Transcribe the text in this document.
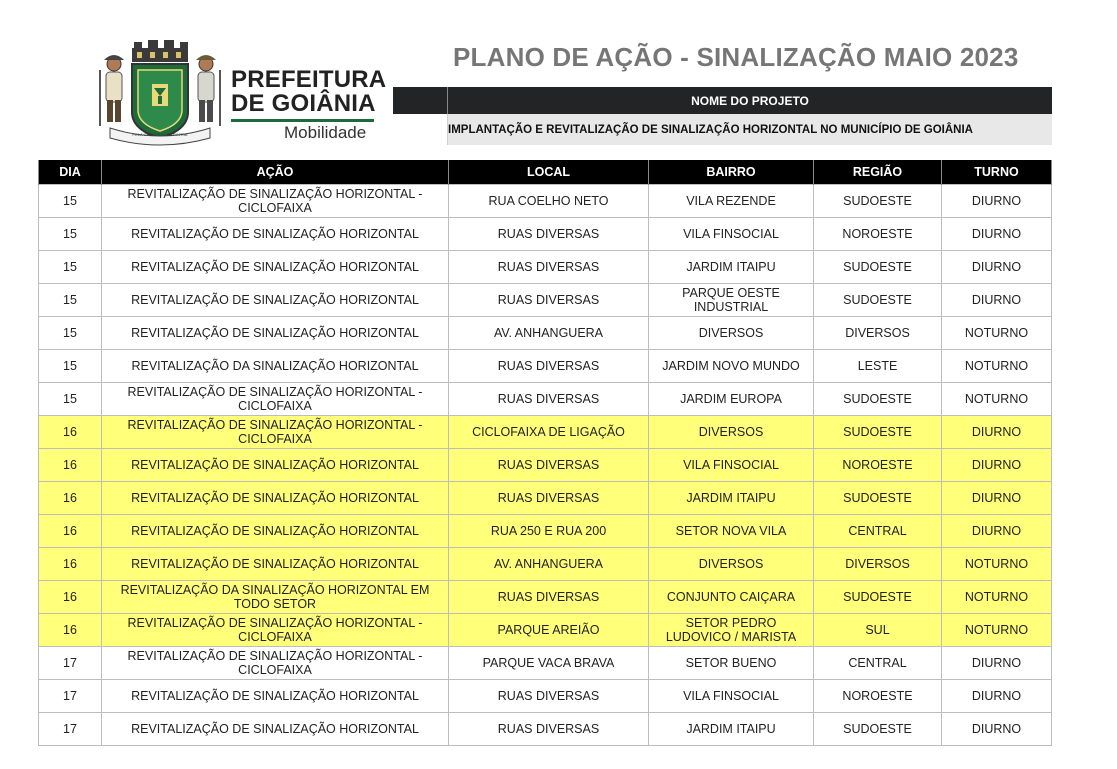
PREFEITURA
DE GOIÂNIA
Mobilidade
PELA GRANDEZA DA PÁTRIA
PLANO DE AÇÃO - SINALIZAÇÃO MAIO 2023
NOME DO PROJETO
IMPLANTAÇÃO E REVITALIZAÇÃO DE SINALIZAÇÃO HORIZONTAL NO MUNICÍPIO DE GOIÂNIA
DIA	AÇÃO	LOCAL	BAIRRO	REGIÃO	TURNO
15	REVITALIZAÇÃO DE SINALIZAÇÃO HORIZONTAL - CICLOFAIXA	RUA COELHO NETO	VILA REZENDE	SUDOESTE	DIURNO
15	REVITALIZAÇÃO DE SINALIZAÇÃO HORIZONTAL	RUAS DIVERSAS	VILA FINSOCIAL	NOROESTE	DIURNO
15	REVITALIZAÇÃO DE SINALIZAÇÃO HORIZONTAL	RUAS DIVERSAS	JARDIM ITAIPU	SUDOESTE	DIURNO
15	REVITALIZAÇÃO DE SINALIZAÇÃO HORIZONTAL	RUAS DIVERSAS	PARQUE OESTE INDUSTRIAL	SUDOESTE	DIURNO
15	REVITALIZAÇÃO DE SINALIZAÇÃO HORIZONTAL	AV. ANHANGUERA	DIVERSOS	DIVERSOS	NOTURNO
15	REVITALIZAÇÃO DA SINALIZAÇÃO HORIZONTAL	RUAS DIVERSAS	JARDIM NOVO MUNDO	LESTE	NOTURNO
15	REVITALIZAÇÃO DE SINALIZAÇÃO HORIZONTAL - CICLOFAIXA	RUAS DIVERSAS	JARDIM EUROPA	SUDOESTE	NOTURNO
16	REVITALIZAÇÃO DE SINALIZAÇÃO HORIZONTAL - CICLOFAIXA	CICLOFAIXA DE LIGAÇÃO	DIVERSOS	SUDOESTE	DIURNO
16	REVITALIZAÇÃO DE SINALIZAÇÃO HORIZONTAL	RUAS DIVERSAS	VILA FINSOCIAL	NOROESTE	DIURNO
16	REVITALIZAÇÃO DE SINALIZAÇÃO HORIZONTAL	RUAS DIVERSAS	JARDIM ITAIPU	SUDOESTE	DIURNO
16	REVITALIZAÇÃO DE SINALIZAÇÃO HORIZONTAL	RUA 250 E RUA 200	SETOR NOVA VILA	CENTRAL	DIURNO
16	REVITALIZAÇÃO DE SINALIZAÇÃO HORIZONTAL	AV. ANHANGUERA	DIVERSOS	DIVERSOS	NOTURNO
16	REVITALIZAÇÃO DA SINALIZAÇÃO HORIZONTAL EM TODO SETOR	RUAS DIVERSAS	CONJUNTO CAIÇARA	SUDOESTE	NOTURNO
16	REVITALIZAÇÃO DE SINALIZAÇÃO HORIZONTAL - CICLOFAIXA	PARQUE AREIÃO	SETOR PEDRO LUDOVICO / MARISTA	SUL	NOTURNO
17	REVITALIZAÇÃO DE SINALIZAÇÃO HORIZONTAL - CICLOFAIXA	PARQUE VACA BRAVA	SETOR BUENO	CENTRAL	DIURNO
17	REVITALIZAÇÃO DE SINALIZAÇÃO HORIZONTAL	RUAS DIVERSAS	VILA FINSOCIAL	NOROESTE	DIURNO
17	REVITALIZAÇÃO DE SINALIZAÇÃO HORIZONTAL	RUAS DIVERSAS	JARDIM ITAIPU	SUDOESTE	DIURNO
